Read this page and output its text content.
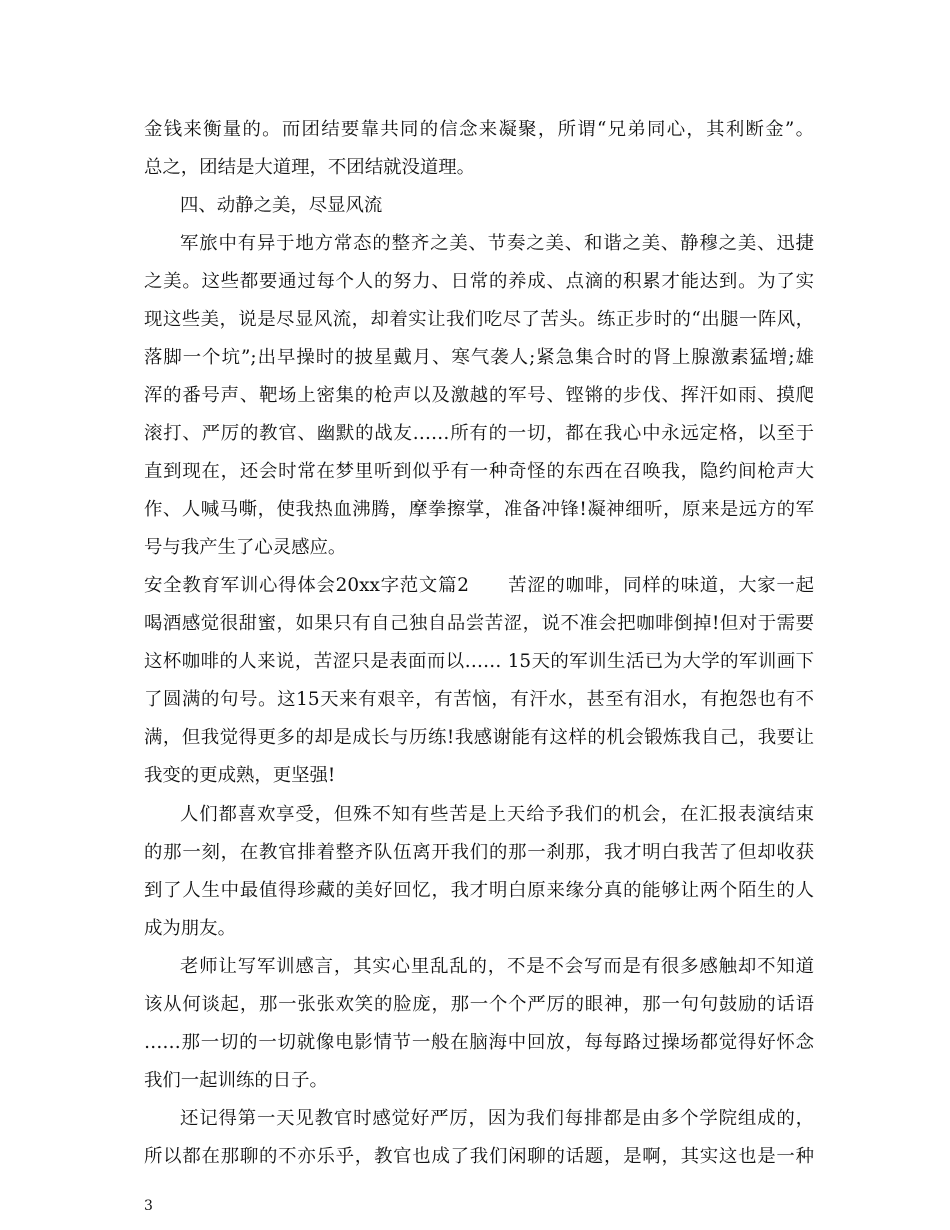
金钱来衡量的。而团结要靠共同的信念来凝聚，所谓“兄弟同心，其利断金”。
总之，团结是大道理，不团结就没道理。
四、动静之美，尽显风流
军旅中有异于地方常态的整齐之美、节奏之美、和谐之美、静穆之美、迅捷
之美。这些都要通过每个人的努力、日常的养成、点滴的积累才能达到。为了实
现这些美，说是尽显风流，却着实让我们吃尽了苦头。练正步时的“出腿一阵风，
落脚一个坑”;出早操时的披星戴月、寒气袭人;紧急集合时的肾上腺激素猛增;雄
浑的番号声、靶场上密集的枪声以及激越的军号、铿锵的步伐、挥汗如雨、摸爬
滚打、严厉的教官、幽默的战友……所有的一切，都在我心中永远定格，以至于
直到现在，还会时常在梦里听到似乎有一种奇怪的东西在召唤我，隐约间枪声大
作、人喊马嘶，使我热血沸腾，摩拳擦掌，准备冲锋!凝神细听，原来是远方的军
号与我产生了心灵感应。
安全教育军训心得体会20xx字范文篇2　　苦涩的咖啡，同样的味道，大家一起
喝酒感觉很甜蜜，如果只有自己独自品尝苦涩，说不准会把咖啡倒掉!但对于需要
这杯咖啡的人来说，苦涩只是表面而以…… 15天的军训生活已为大学的军训画下
了圆满的句号。这15天来有艰辛，有苦恼，有汗水，甚至有泪水，有抱怨也有不
满，但我觉得更多的却是成长与历练!我感谢能有这样的机会锻炼我自己，我要让
我变的更成熟，更坚强!
人们都喜欢享受，但殊不知有些苦是上天给予我们的机会，在汇报表演结束
的那一刻，在教官排着整齐队伍离开我们的那一刹那，我才明白我苦了但却收获
到了人生中最值得珍藏的美好回忆，我才明白原来缘分真的能够让两个陌生的人
成为朋友。
老师让写军训感言，其实心里乱乱的，不是不会写而是有很多感触却不知道
该从何谈起，那一张张欢笑的脸庞，那一个个严厉的眼神，那一句句鼓励的话语
……那一切的一切就像电影情节一般在脑海中回放，每每路过操场都觉得好怀念
我们一起训练的日子。
还记得第一天见教官时感觉好严厉，因为我们每排都是由多个学院组成的，
所以都在那聊的不亦乐乎，教官也成了我们闲聊的话题，是啊，其实这也是一种
3
